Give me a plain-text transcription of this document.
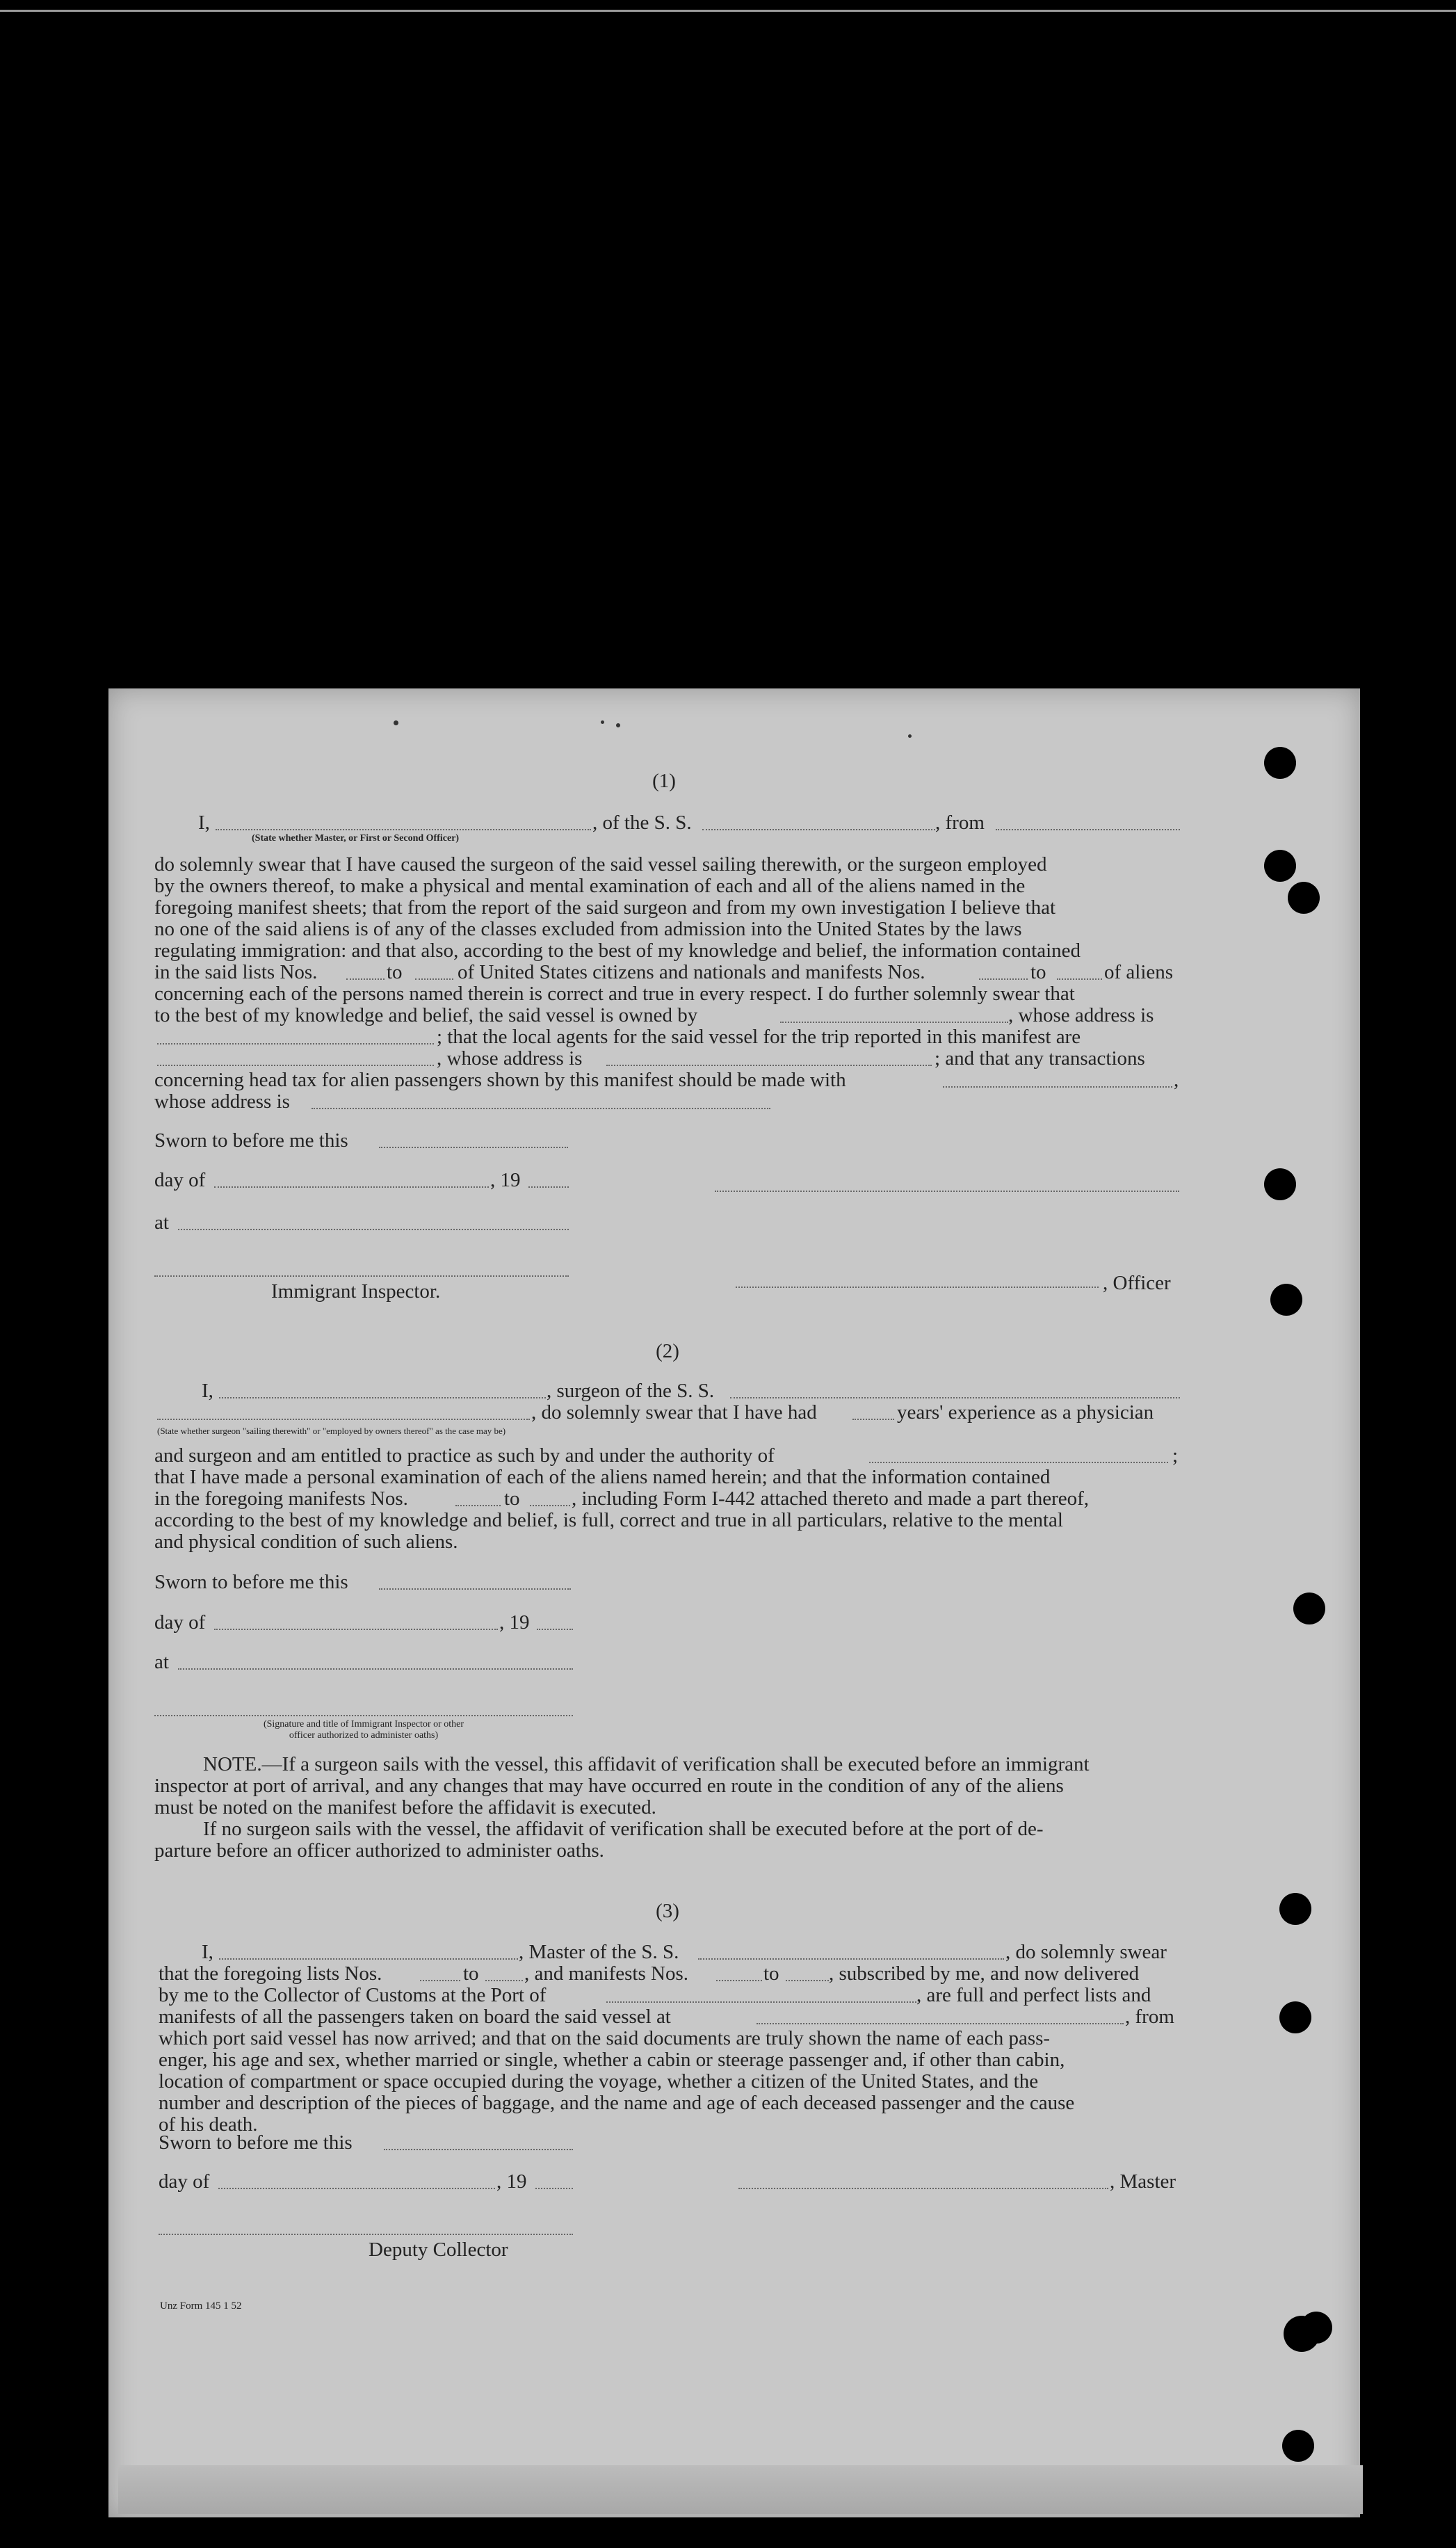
(1)
I,	, of the S. S.	, from
(State whether Master, or First or Second Officer)
do solemnly swear that I have caused the surgeon of the said vessel sailing therewith, or the surgeon employed
by the owners thereof, to make a physical and mental examination of each and all of the aliens named in the
foregoing manifest sheets; that from the report of the said surgeon and from my own investigation I believe that
no one of the said aliens is of any of the classes excluded from admission into the United States by the laws
regulating immigration: and that also, according to the best of my knowledge and belief, the information contained
in the said lists Nos.	to	of United States citizens and nationals and manifests Nos.	to	of aliens
concerning each of the persons named therein is correct and true in every respect. I do further solemnly swear that
to the best of my knowledge and belief, the said vessel is owned by	, whose address is
; that the local agents for the said vessel for the trip reported in this manifest are
, whose address is	; and that any transactions
concerning head tax for alien passengers shown by this manifest should be made with	,
whose address is
Sworn to before me this
day of	, 19
at
, Officer
Immigrant Inspector.
(2)
I,	, surgeon of the S. S.
, do solemnly swear that I have had	years' experience as a physician
(State whether surgeon "sailing therewith" or "employed by owners thereof" as the case may be)
and surgeon and am entitled to practice as such by and under the authority of	;
that I have made a personal examination of each of the aliens named herein; and that the information contained
in the foregoing manifests Nos.	to	, including Form I-442 attached thereto and made a part thereof,
according to the best of my knowledge and belief, is full, correct and true in all particulars, relative to the mental
and physical condition of such aliens.
Sworn to before me this
day of	, 19
at
(Signature and title of Immigrant Inspector or other
officer authorized to administer oaths)
NOTE.—If a surgeon sails with the vessel, this affidavit of verification shall be executed before an immigrant
inspector at port of arrival, and any changes that may have occurred en route in the condition of any of the aliens
must be noted on the manifest before the affidavit is executed.
If no surgeon sails with the vessel, the affidavit of verification shall be executed before at the port of de-
parture before an officer authorized to administer oaths.
(3)
I,	, Master of the S. S.	, do solemnly swear
that the foregoing lists Nos.	to , and manifests Nos.	to , subscribed by me, and now delivered
by me to the Collector of Customs at the Port of	, are full and perfect lists and
manifests of all the passengers taken on board the said vessel at	, from
which port said vessel has now arrived; and that on the said documents are truly shown the name of each pass-
enger, his age and sex, whether married or single, whether a cabin or steerage passenger and, if other than cabin,
location of compartment or space occupied during the voyage, whether a citizen of the United States, and the
number and description of the pieces of baggage, and the name and age of each deceased passenger and the cause
of his death.
Sworn to before me this
day of	, 19	, Master
Deputy Collector
Unz Form 145 1 52
